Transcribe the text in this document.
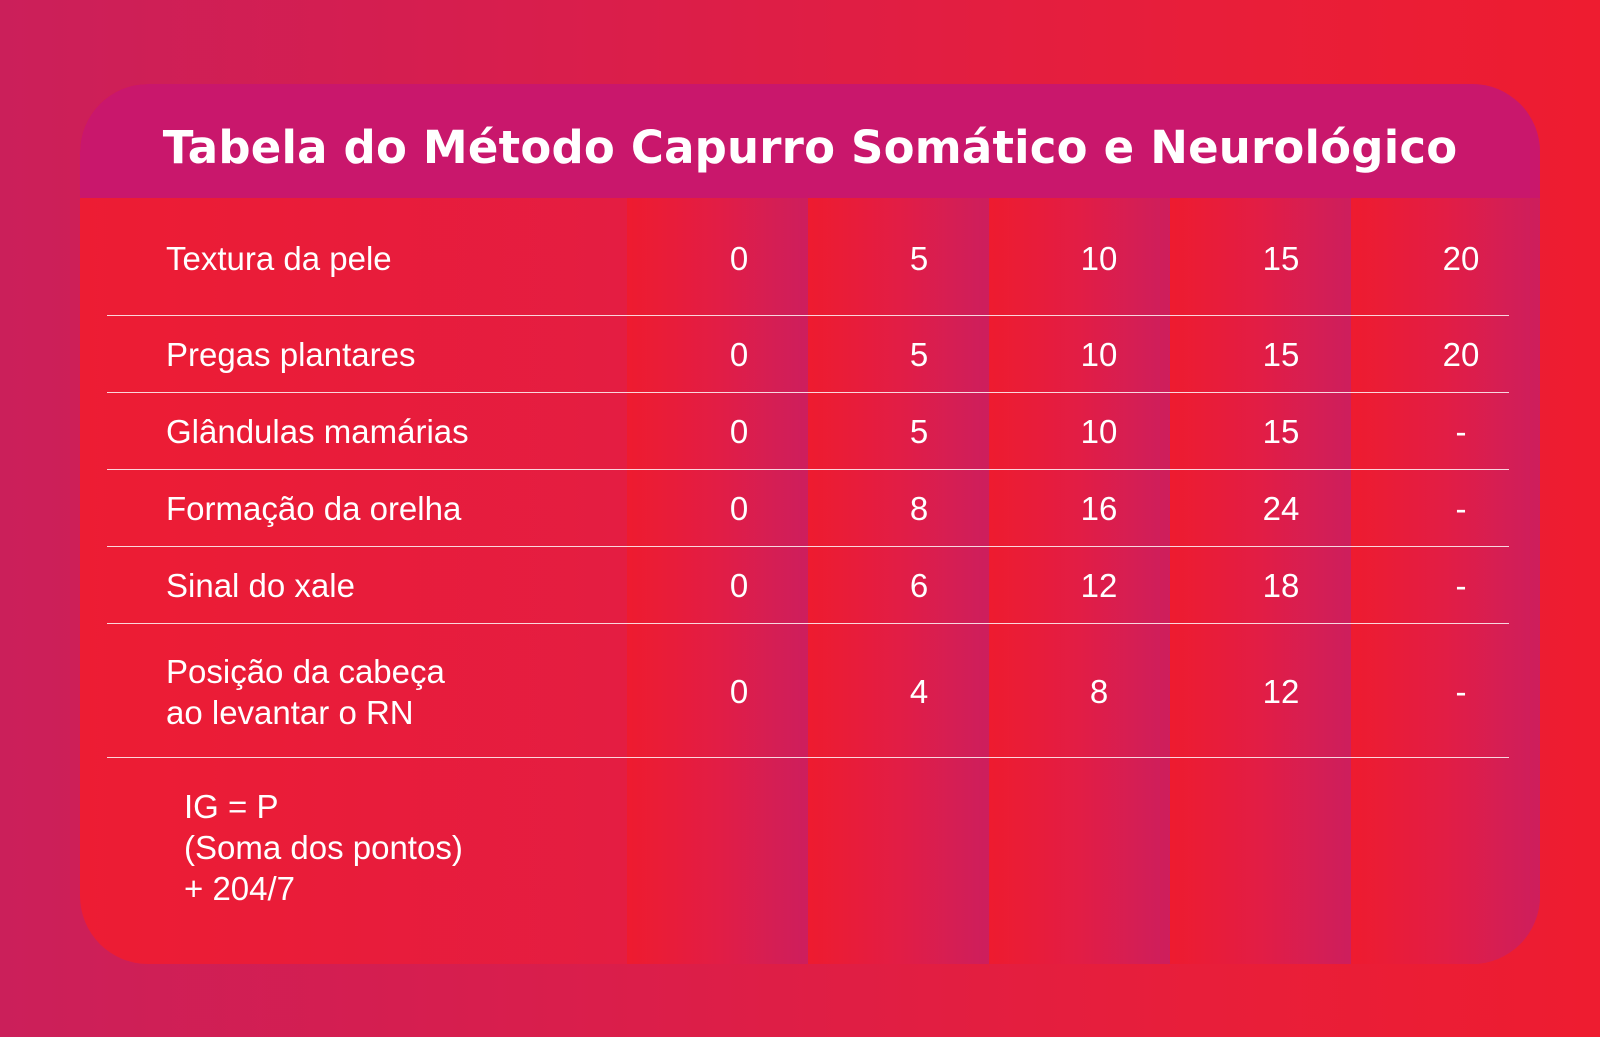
Tabela do Método Capurro Somático e Neurológico
Textura da pele	0	5	10	15	20
Pregas plantares	0	5	10	15	20
Glândulas mamárias	0	5	10	15	-
Formação da orelha	0	8	16	24	-
Sinal do xale	0	6	12	18	-
Posição da cabeça
ao levantar o RN
0	4	8	12	-
IG = P
(Soma dos pontos)
+ 204/7
